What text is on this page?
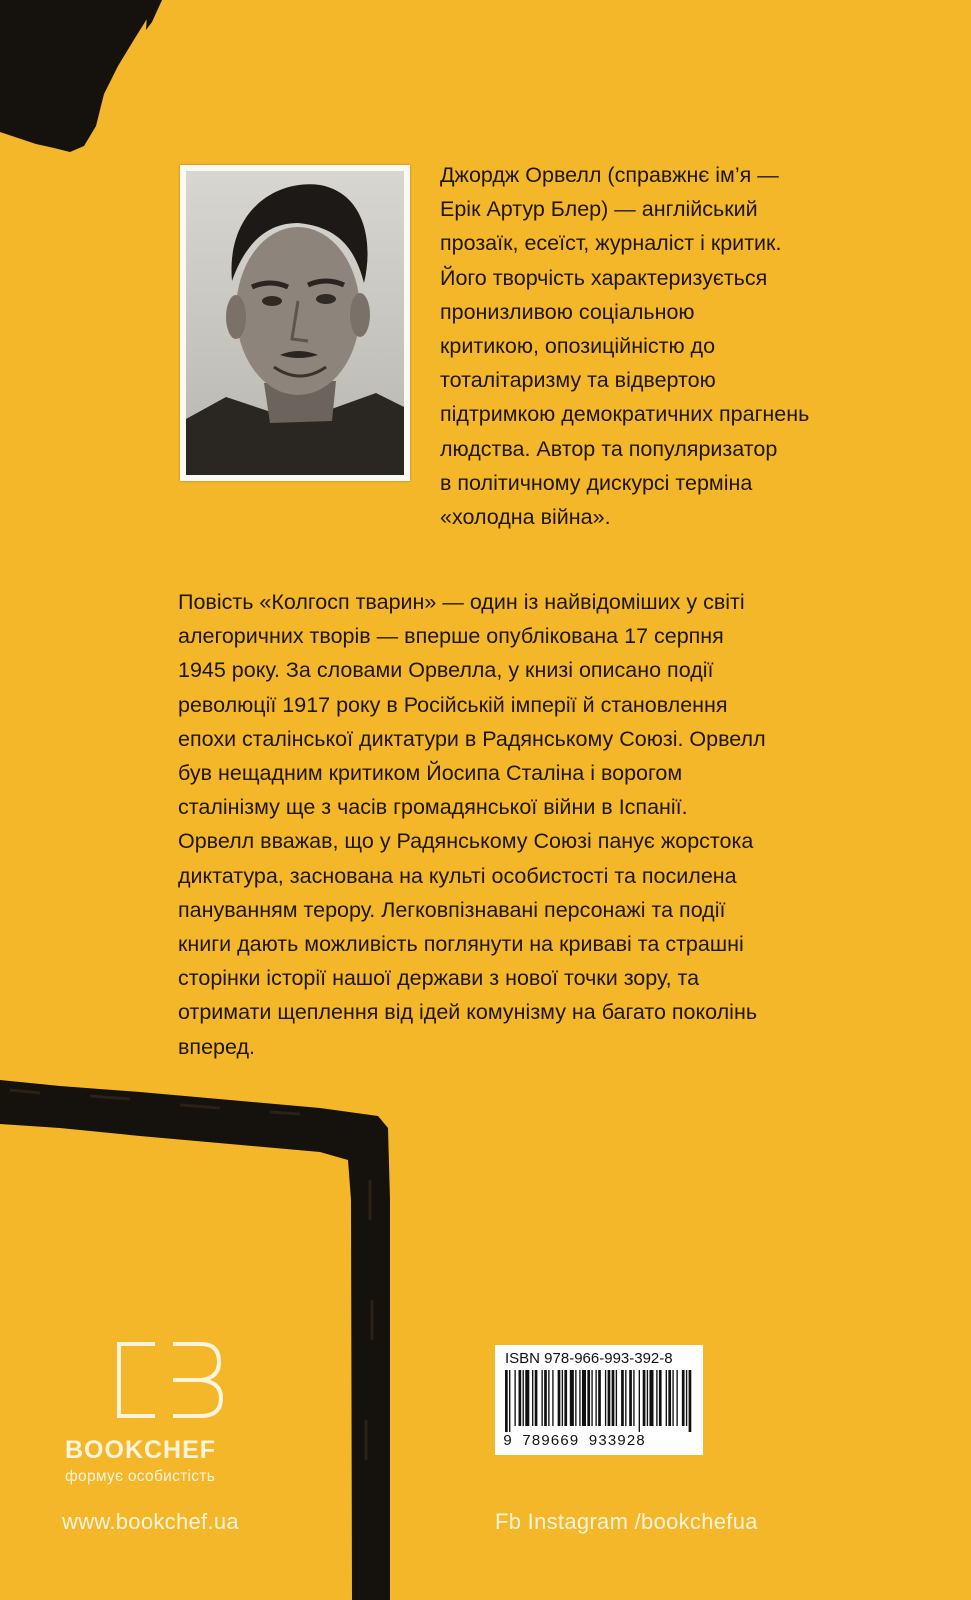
Джордж Орвелл (справжнє ім’я —
Ерік Артур Блер) — англійський
прозаїк, есеїст, журналіст і критик.
Його творчість характеризується
пронизливою соціальною
критикою, опозиційністю до
тоталітаризму та відвертою
підтримкою демократичних прагнень
людства. Автор та популяризатор
в політичному дискурсі терміна
«холодна війна».

Повість «Колгосп тварин» — один із найвідоміших у світі
алегоричних творів — вперше опублікована 17 серпня
1945 року. За словами Орвелла, у книзі описано події
революції 1917 року в Російській імперії й становлення
епохи сталінської диктатури в Радянському Союзі. Орвелл
був нещадним критиком Йосипа Сталіна і ворогом
сталінізму ще з часів громадянської війни в Іспанії.
Орвелл вважав, що у Радянському Союзі панує жорстока
диктатура, заснована на культі особистості та посилена
пануванням терору. Легковпізнавані персонажі та події
книги дають можливість поглянути на криваві та страшні
сторінки історії нашої держави з нової точки зору, та
отримати щеплення від ідей комунізму на багато поколінь
вперед.

BOOKCHEF
формує особистість
www.bookchef.ua
ISBN 978-966-993-392-8
9 789669 933928
Fb Instagram /bookchefua
